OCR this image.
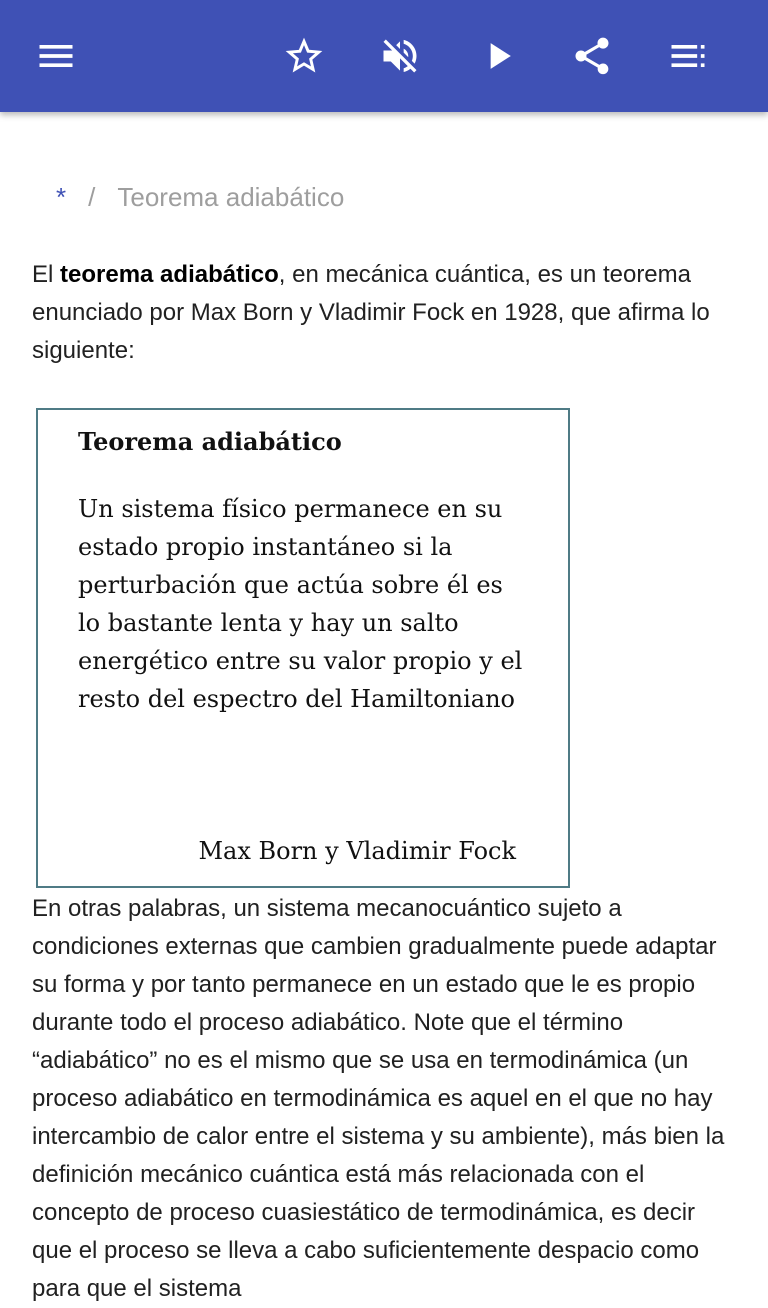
* / Teorema adiabático

El teorema adiabático, en mecánica cuántica, es un teorema enunciado por Max Born y Vladimir Fock en 1928, que afirma lo siguiente:

Teorema adiabático
Un sistema físico permanece en su estado propio instantáneo si la perturbación que actúa sobre él es lo bastante lenta y hay un salto energético entre su valor propio y el resto del espectro del Hamiltoniano
Max Born y Vladimir Fock

En otras palabras, un sistema mecanocuántico sujeto a condiciones externas que cambien gradualmente puede adaptar su forma y por tanto permanece en un estado que le es propio durante todo el proceso adiabático. Note que el término “adiabático” no es el mismo que se usa en termodinámica (un proceso adiabático en termodinámica es aquel en el que no hay intercambio de calor entre el sistema y su ambiente), más bien la definición mecánico cuántica está más relacionada con el concepto de proceso cuasiestático de termodinámica, es decir que el proceso se lleva a cabo suficientemente despacio como para que el sistema
